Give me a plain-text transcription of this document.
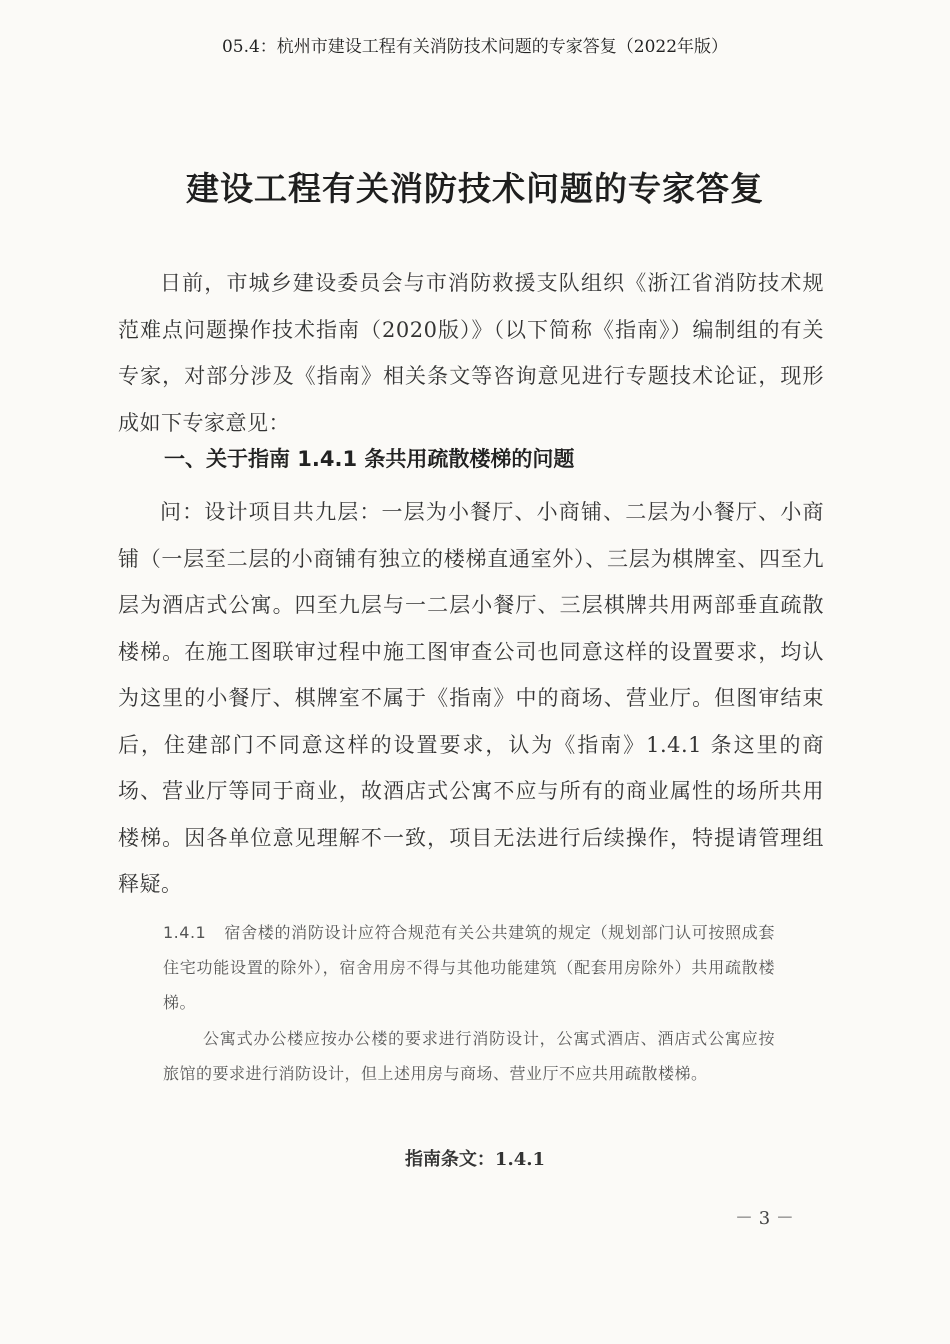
05.4：杭州市建设工程有关消防技术问题的专家答复（2022年版）
建设工程有关消防技术问题的专家答复

日前，市城乡建设委员会与市消防救援支队组织《浙江省消防技术规范难点问题操作技术指南（2020版）》（以下简称《指南》）编制组的有关专家，对部分涉及《指南》相关条文等咨询意见进行专题技术论证，现形成如下专家意见：

一、关于指南 1.4.1 条共用疏散楼梯的问题

问：设计项目共九层：一层为小餐厅、小商铺、二层为小餐厅、小商铺（一层至二层的小商铺有独立的楼梯直通室外）、三层为棋牌室、四至九层为酒店式公寓。四至九层与一二层小餐厅、三层棋牌共用两部垂直疏散楼梯。在施工图联审过程中施工图审查公司也同意这样的设置要求，均认为这里的小餐厅、棋牌室不属于《指南》中的商场、营业厅。但图审结束后，住建部门不同意这样的设置要求，认为《指南》1.4.1 条这里的商场、营业厅等同于商业，故酒店式公寓不应与所有的商业属性的场所共用楼梯。因各单位意见理解不一致，项目无法进行后续操作，特提请管理组释疑。

1.4.1 宿舍楼的消防设计应符合规范有关公共建筑的规定（规划部门认可按照成套住宅功能设置的除外），宿舍用房不得与其他功能建筑（配套用房除外）共用疏散楼梯。

公寓式办公楼应按办公楼的要求进行消防设计，公寓式酒店、酒店式公寓应按旅馆的要求进行消防设计，但上述用房与商场、营业厅不应共用疏散楼梯。

指南条文：1.4.1
－ 3 －
